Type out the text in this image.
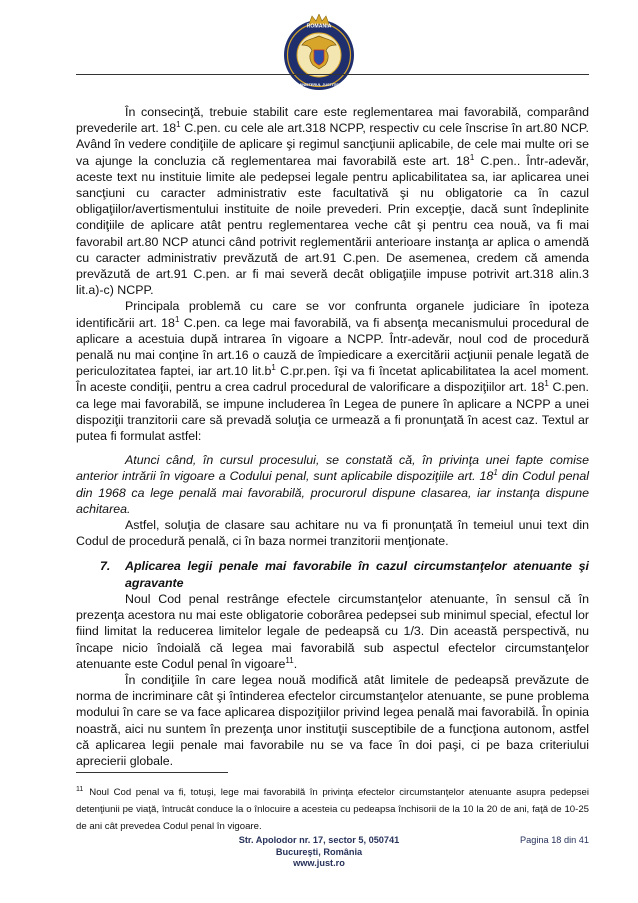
ROMANIA
MINISTERUL JUSTIŢIEI

În consecinţă, trebuie stabilit care este reglementarea mai favorabilă, comparând prevederile art. $18^1$ C.pen. cu cele ale art.318 NCPP, respectiv cu cele înscrise în art.80 NCP. Având în vedere condiţiile de aplicare şi regimul sancţiunii aplicabile, de cele mai multe ori se va ajunge la concluzia că reglementarea mai favorabilă este art. $18^1$ C.pen.. Într-adevăr, aceste text nu instituie limite ale pedepsei legale pentru aplicabilitatea sa, iar aplicarea unei sancţiuni cu caracter administrativ este facultativă şi nu obligatorie ca în cazul obligaţiilor/avertismentului instituite de noile prevederi. Prin excepţie, dacă sunt îndeplinite condiţiile de aplicare atât pentru reglementarea veche cât şi pentru cea nouă, va fi mai favorabil art.80 NCP atunci când potrivit reglementării anterioare instanţa ar aplica o amendă cu caracter administrativ prevăzută de art.91 C.pen. De asemenea, credem că amenda prevăzută de art.91 C.pen. ar fi mai severă decât obligaţiile impuse potrivit art.318 alin.3 lit.a)-c) NCPP.

Principala problemă cu care se vor confrunta organele judiciare în ipoteza identificării art. $18^1$ C.pen. ca lege mai favorabilă, va fi absenţa mecanismului procedural de aplicare a acestuia după intrarea în vigoare a NCPP. Într-adevăr, noul cod de procedură penală nu mai conţine în art.16 o cauză de împiedicare a exercitării acţiunii penale legată de periculozitatea faptei, iar art.10 $lit.b^1$ C.pr.pen. îşi va fi încetat aplicabilitatea la acel moment. În aceste condiţii, pentru a crea cadrul procedural de valorificare a dispoziţiilor art. $18^1$ C.pen. ca lege mai favorabilă, se impune includerea în Legea de punere în aplicare a NCPP a unei dispoziţii tranzitorii care să prevadă soluţia ce urmează a fi pronunţată în acest caz. Textul ar putea fi formulat astfel:

Atunci când, în cursul procesului, se constată că, în privinţa unei fapte comise anterior intrării în vigoare a Codului penal, sunt aplicabile dispoziţiile art. $18^1$ din Codul penal din 1968 ca lege penală mai favorabilă, procurorul dispune clasarea, iar instanţa dispune achitarea.

Astfel, soluţia de clasare sau achitare nu va fi pronunţată în temeiul unui text din Codul de procedură penală, ci în baza normei tranzitorii menţionate.

7.	Aplicarea legii penale mai favorabile în cazul circumstanţelor atenuante şi agravante

Noul Cod penal restrânge efectele circumstanţelor atenuante, în sensul că în prezenţa acestora nu mai este obligatorie coborârea pedepsei sub minimul special, efectul lor fiind limitat la reducerea limitelor legale de pedeapsă cu 1/3. Din această perspectivă, nu încape nicio îndoială că legea mai favorabilă sub aspectul efectelor circumstanţelor atenuante este Codul penal în vigoare$^{11}$.

În condiţiile în care legea nouă modifică atât limitele de pedeapsă prevăzute de norma de incriminare cât şi întinderea efectelor circumstanţelor atenuante, se pune problema modului în care se va face aplicarea dispoziţiilor privind legea penală mai favorabilă. În opinia noastră, aici nu suntem în prezenţa unor instituţii susceptibile de a funcţiona autonom, astfel că aplicarea legii penale mai favorabile nu se va face în doi paşi, ci pe baza criteriului aprecierii globale.

$^{11}$ Noul Cod penal va fi, totuşi, lege mai favorabilă în privinţa efectelor circumstanţelor atenuante asupra pedepsei detenţiunii pe viaţă, întrucât conduce la o înlocuire a acesteia cu pedeapsa închisorii de la 10 la 20 de ani, faţă de 10-25 de ani cât prevedea Codul penal în vigoare.
Str. Apolodor nr. 17, sector 5, 050741
Bucureşti, România
www.just.ro
Pagina 18 din 41
